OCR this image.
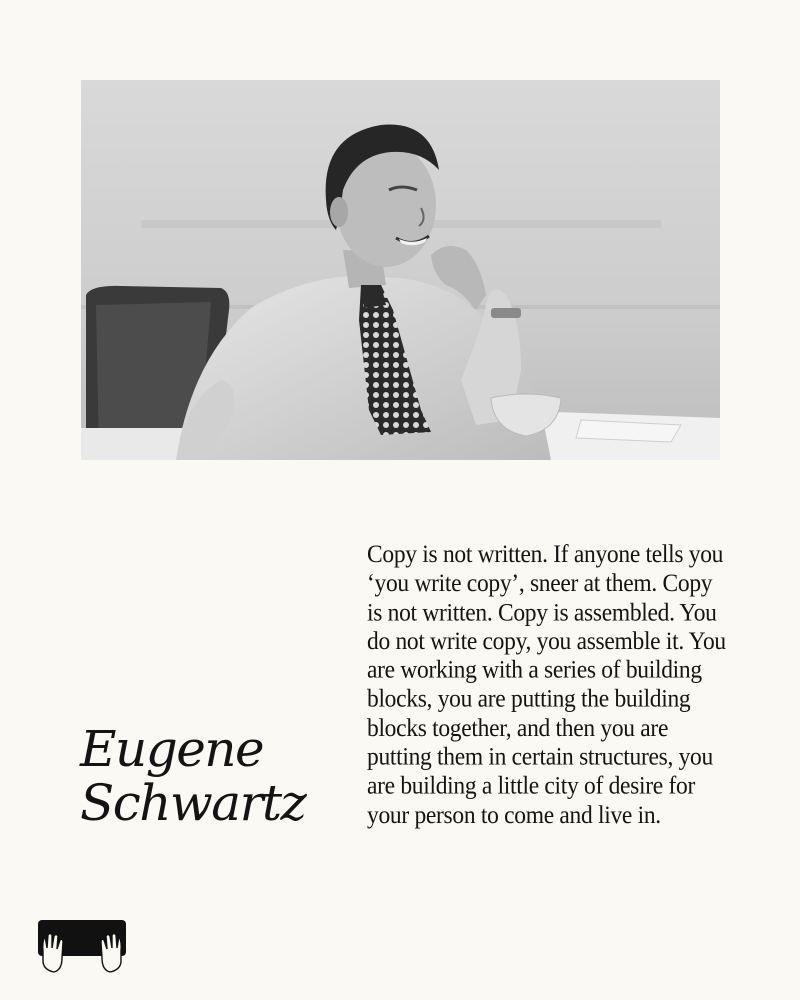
Eugene
Schwartz
Copy is not written. If anyone tells you ‘you write copy’, sneer at them. Copy is not written. Copy is assembled. You do not write copy, you assemble it. You are working with a series of building blocks, you are putting the building blocks together, and then you are putting them in certain structures, you are building a little city of desire for your person to come and live in.
